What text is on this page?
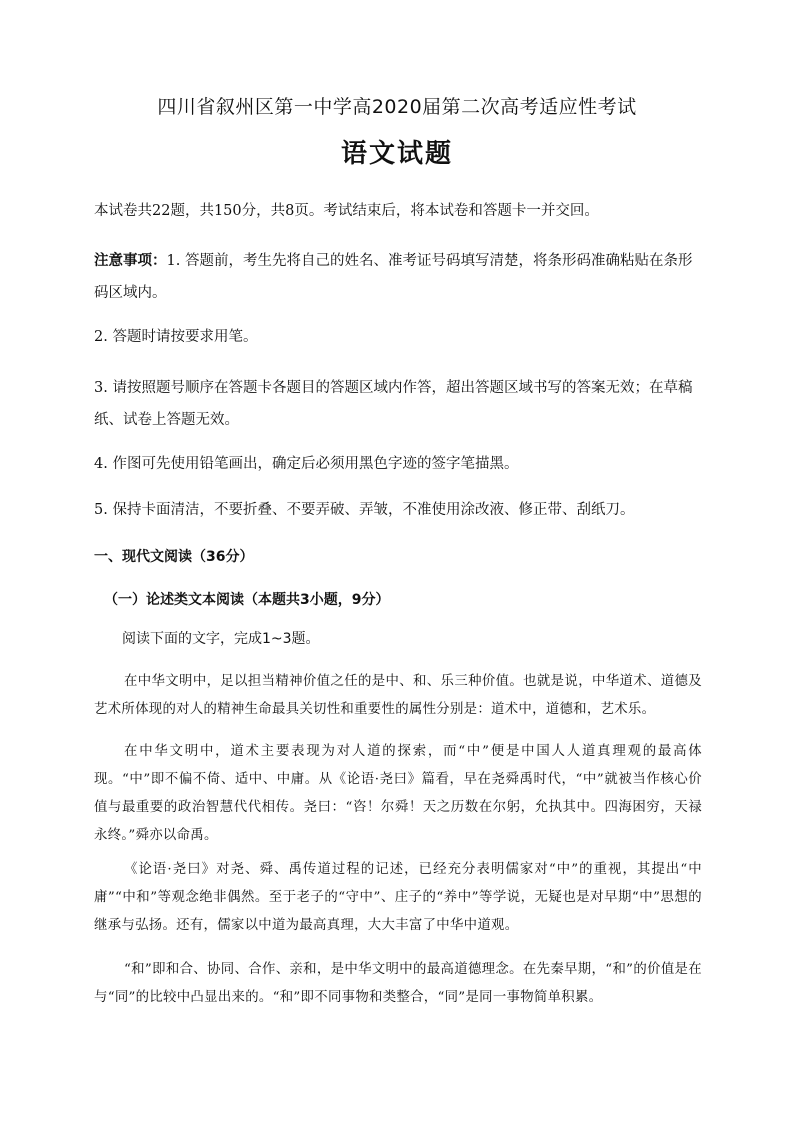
四川省叙州区第一中学高2020届第二次高考适应性考试
语文试题
本试卷共22题，共150分，共8页。考试结束后，将本试卷和答题卡一并交回。
注意事项：1. 答题前，考生先将自己的姓名、准考证号码填写清楚，将条形码准确粘贴在条形码区域内。
2. 答题时请按要求用笔。
3. 请按照题号顺序在答题卡各题目的答题区域内作答，超出答题区域书写的答案无效；在草稿纸、试卷上答题无效。
4. 作图可先使用铅笔画出，确定后必须用黑色字迹的签字笔描黑。
5. 保持卡面清洁，不要折叠、不要弄破、弄皱，不准使用涂改液、修正带、刮纸刀。
一、现代文阅读（36分）
（一）论述类文本阅读（本题共3小题，9分）
阅读下面的文字，完成1~3题。
在中华文明中，足以担当精神价值之任的是中、和、乐三种价值。也就是说，中华道术、道德及艺术所体现的对人的精神生命最具关切性和重要性的属性分别是：道术中，道德和，艺术乐。
在中华文明中，道术主要表现为对人道的探索，而“中”便是中国人人道真理观的最高体现。“中”即不偏不倚、适中、中庸。从《论语·尧曰》篇看，早在尧舜禹时代，“中”就被当作核心价值与最重要的政治智慧代代相传。尧曰：“咨！尔舜！天之历数在尔躬，允执其中。四海困穷，天禄永终。”舜亦以命禹。
《论语·尧曰》对尧、舜、禹传道过程的记述，已经充分表明儒家对“中”的重视，其提出“中庸”“中和”等观念绝非偶然。至于老子的“守中”、庄子的“养中”等学说，无疑也是对早期“中”思想的继承与弘扬。还有，儒家以中道为最高真理，大大丰富了中华中道观。
“和”即和合、协同、合作、亲和，是中华文明中的最高道德理念。在先秦早期，“和”的价值是在与“同”的比较中凸显出来的。“和”即不同事物和类整合，“同”是同一事物简单积累。
